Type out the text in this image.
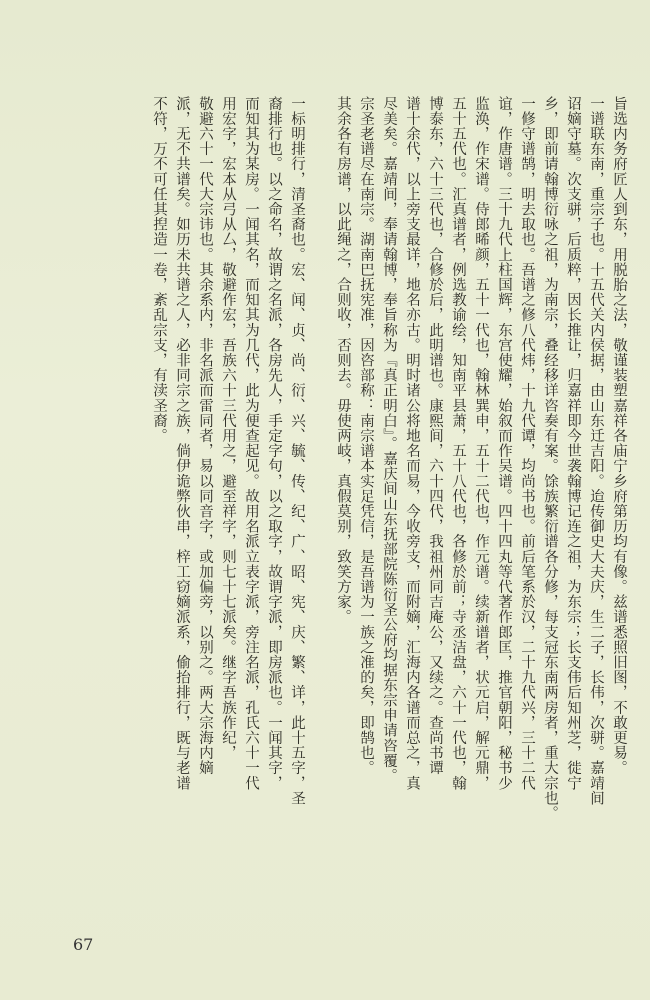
旨选内务府匠人到东，用脱胎之法，敬谨装塑嘉祥各庙宁乡府第历均有像。兹谱悉照旧图，不敢更易。
一谱联东南，重宗子也。十五代关内侯据，由山东迁吉阳。迨传御史大夫庆，生二子，长伟，次骈。嘉靖间
诏嫡守墓。次支骈，后质粹，因长推让，归嘉祥即今世袭翰博记连之祖，为东宗；长支伟后知州芝，徙宁
乡，即前请翰博衍咏之祖，为南宗，叠经移详咨奏有案。馀族繁衍谱各分修，每支冠东南两房者，重大宗也。
一修守谱鹄，明去取也。吾谱之修八代炜，十九代谭，均尚书也。前后笔系於汉，二十九代兴，三十二代
谊，作唐谱。三十九代上柱国辉，东宫使耀，始叙而作吴谱。四十四丸等代著作郎匡，推官朝阳，秘书少
监涣，作宋谱。侍郎晞颜，五十一代也，翰林巽申，五十二代也，作元谱。续新谱者，状元启，解元鼎，
五十五代也。汇真谱者，例选教谕绘，知南平县萧，五十八代也，各修於前；寺丞洁盘，六十一代也，翰
博泰东，六十三代也，合修於后，此明谱也。康熙间，六十四代，我祖州同吉庵公，又续之。查尚书谭
谱十余代，以上旁支最详，地名亦古。明时诸公将地名而易，今收旁支，而附嫡，汇海内各谱而总之，真
尽美矣。嘉靖间，奉请翰博，奉旨称为『真正明白』。嘉庆间山东抚部院陈衍圣公府均据东宗申请咨覆。
宗圣老谱尽在南宗。湖南巴抚宪准，因咨部称：南宗谱本实足凭信，是吾谱为一族之准的矣，即鹄也。
其余各有房谱，以此绳之，合则收，否则去。毋使两岐，真假莫别，致笑方家。
一标明排行，清圣裔也。宏、闻、贞、尚、衍、兴、毓、传、纪、广、昭、宪、庆、繁、详，此十五字，圣
裔排行也。以之命名，故谓之名派，各房先人，手定字句，以之取字，故谓字派，即房派也。一闻其字，
而知其为某房。一闻其名，而知其为几代，此为便查起见。故用名派立表字派，旁注名派，孔氏六十一代
用宏字，宏本从弓从厶，敬避作宏，吾族六十三代用之，避至祥字，则七十七派矣。继字吾族作纪，
敬避六十一代大宗讳也。其余系内，非名派而雷同者，易以同音字，或加偏旁，以别之。两大宗海内嫡
派，无不共谱矣。如历未共谱之人，必非同宗之族，倘伊诡弊伙串，梓工窃嫡派系，偷抬排行，既与老谱
不符，万不可任其揑造一卷，紊乱宗支，有渎圣裔。
67
